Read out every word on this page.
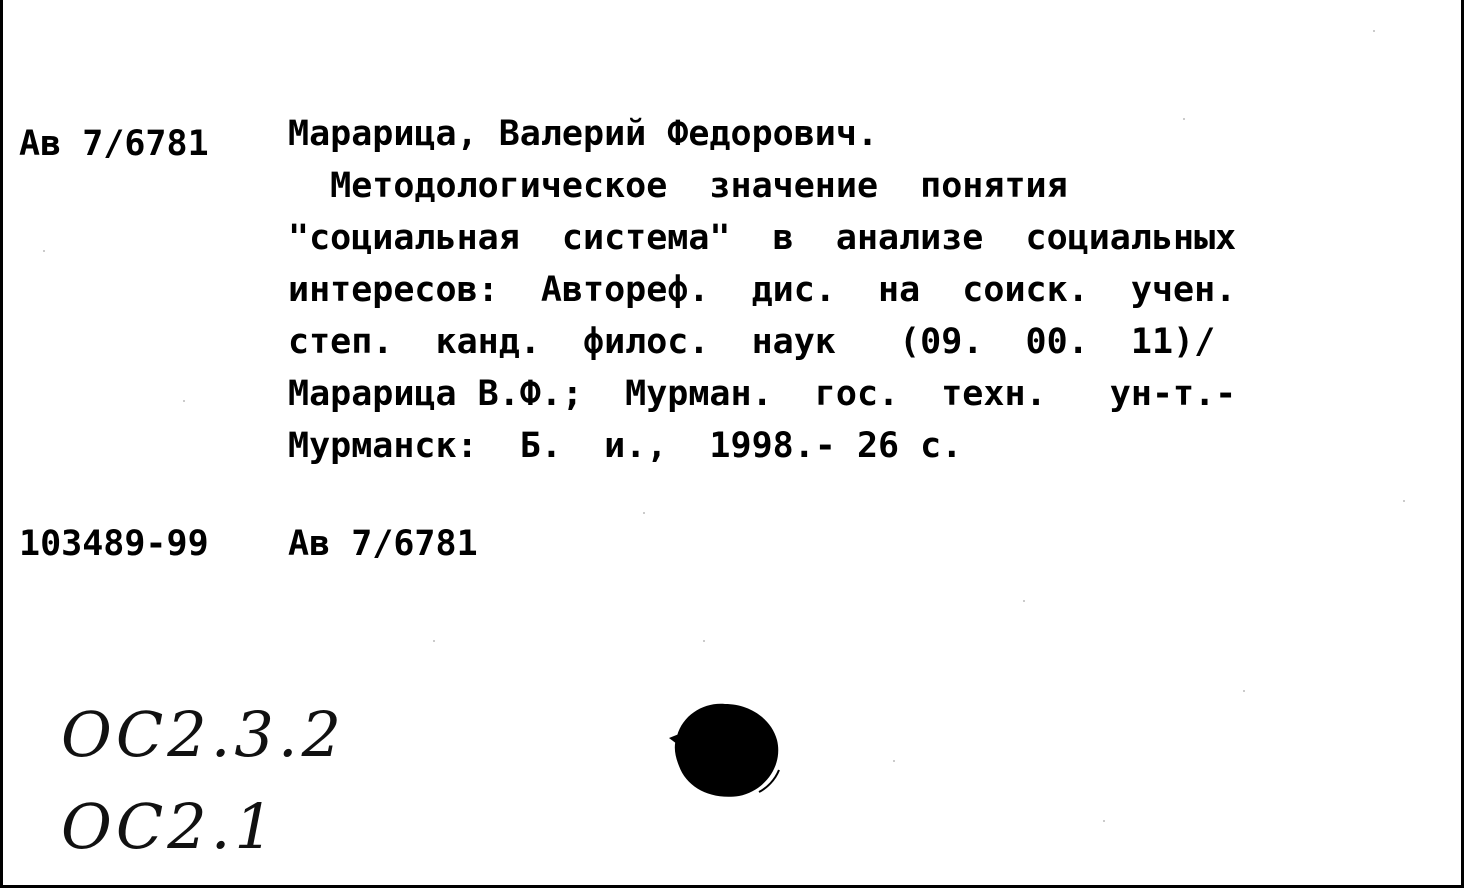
Ав 7/6781 Марарица, Валерий Федорович.
Методологическое  значение  понятия
"социальная  система"  в  анализе  социальных
интересов:  Автореф.  дис.  на  соиск.  учен.
степ.  канд.  филос.  наук   (09.  00.  11)/
Марарица В.Ф.;  Мурман.  гос.  техн.   ун-т.-
Мурманск:  Б.  и.,  1998.- 26 с.
103489-99 Ав 7/6781
ОС2.3.2
ОС2.1
